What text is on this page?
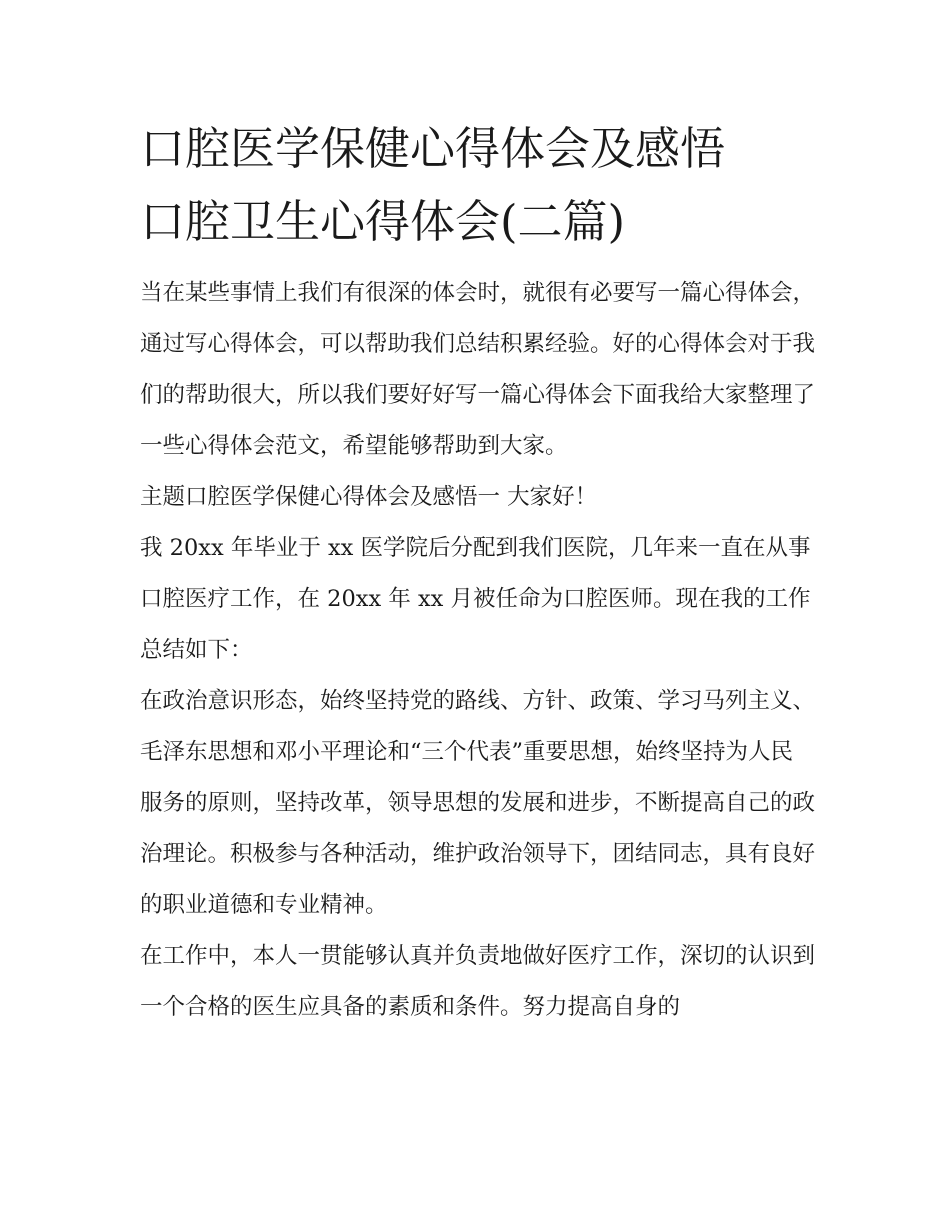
口腔医学保健心得体会及感悟
口腔卫生心得体会(二篇)

当在某些事情上我们有很深的体会时，就很有必要写一篇心得体会，通过写心得体会，可以帮助我们总结积累经验。好的心得体会对于我们的帮助很大，所以我们要好好写一篇心得体会下面我给大家整理了一些心得体会范文，希望能够帮助到大家。

主题口腔医学保健心得体会及感悟一 大家好！

我 20xx 年毕业于 xx 医学院后分配到我们医院，几年来一直在从事口腔医疗工作，在 20xx 年 xx 月被任命为口腔医师。现在我的工作总结如下：

在政治意识形态，始终坚持党的路线、方针、政策、学习马列主义、毛泽东思想和邓小平理论和“三个代表”重要思想，始终坚持为人民服务的原则，坚持改革，领导思想的发展和进步，不断提高自己的政治理论。积极参与各种活动，维护政治领导下，团结同志，具有良好的职业道德和专业精神。

在工作中，本人一贯能够认真并负责地做好医疗工作，深切的认识到一个合格的医生应具备的素质和条件。努力提高自身的
